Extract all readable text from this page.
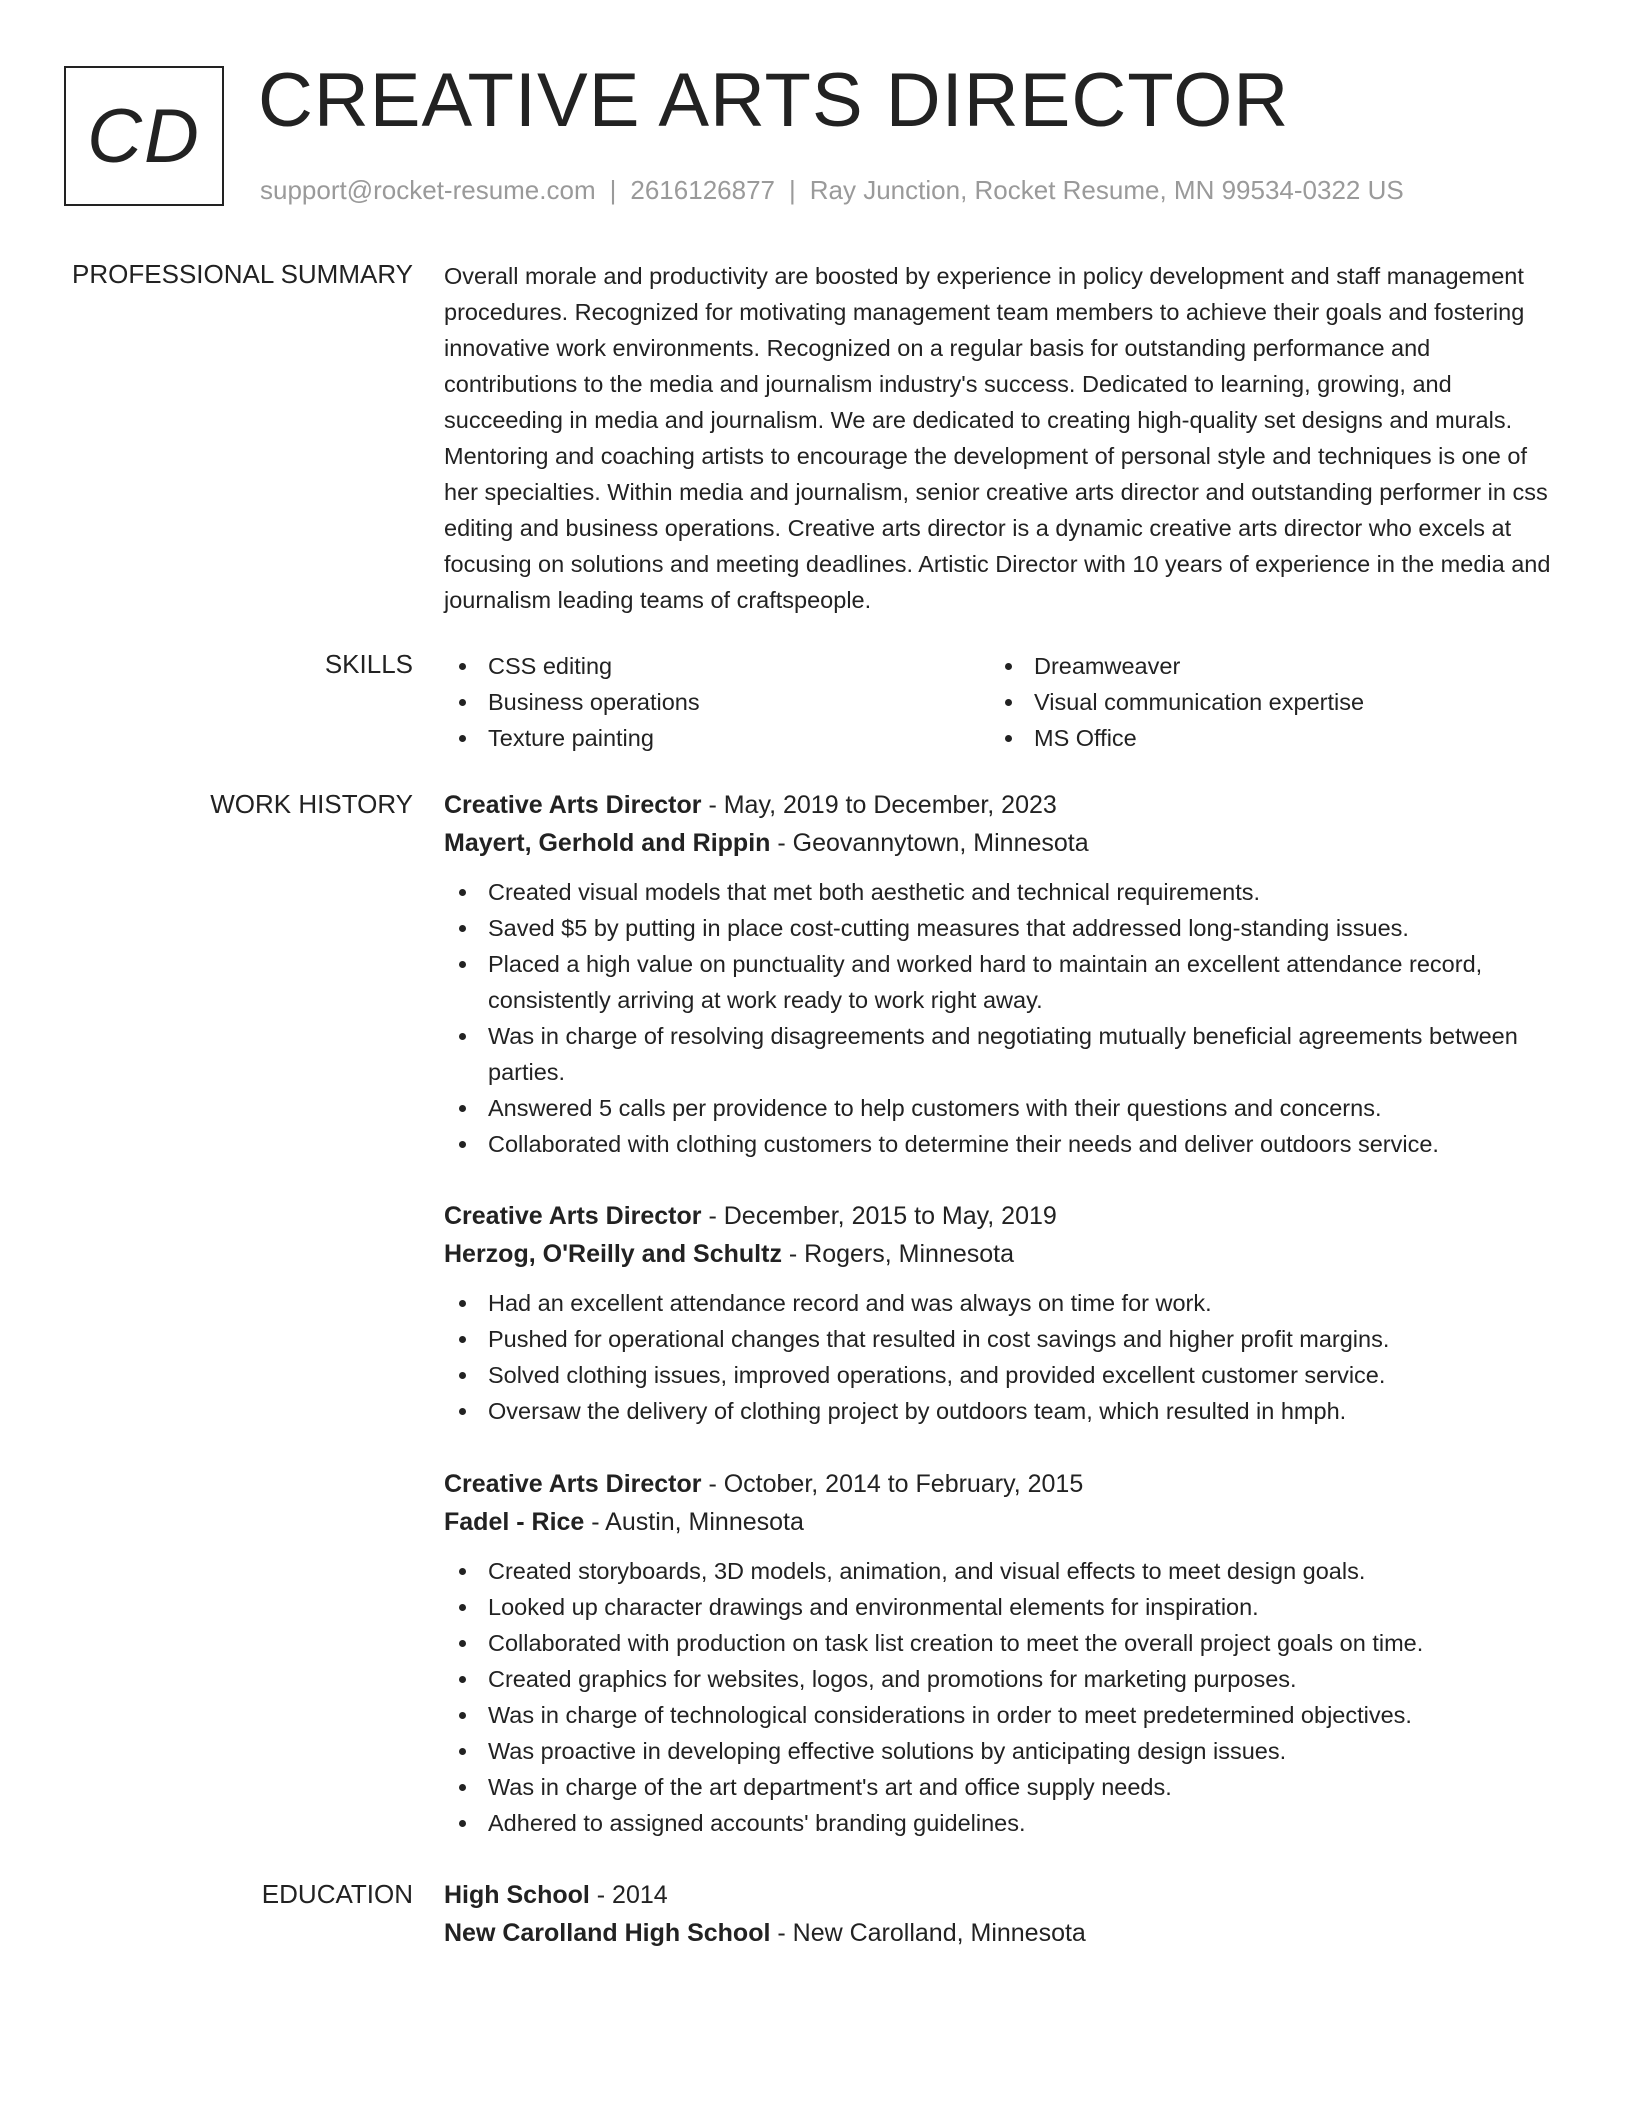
CD CREATIVE ARTS DIRECTOR
support@rocket-resume.com | 2616126877 | Ray Junction, Rocket Resume, MN 99534-0322 US
PROFESSIONAL SUMMARY Overall morale and productivity are boosted by experience in policy development and staff management procedures. Recognized for motivating management team members to achieve their goals and fostering innovative work environments. Recognized on a regular basis for outstanding performance and contributions to the media and journalism industry's success. Dedicated to learning, growing, and succeeding in media and journalism. We are dedicated to creating high-quality set designs and murals. Mentoring and coaching artists to encourage the development of personal style and techniques is one of her specialties. Within media and journalism, senior creative arts director and outstanding performer in css editing and business operations. Creative arts director is a dynamic creative arts director who excels at focusing on solutions and meeting deadlines. Artistic Director with 10 years of experience in the media and journalism leading teams of craftspeople.

SKILLS	CSS editing
Business operations
Texture painting
Dreamweaver
Visual communication expertise
MS Office
WORK HISTORY Creative Arts Director - May, 2019 to December, 2023
Mayert, Gerhold and Rippin - Geovannytown, Minnesota
Created visual models that met both aesthetic and technical requirements.
Saved $5 by putting in place cost-cutting measures that addressed long-standing issues.
Placed a high value on punctuality and worked hard to maintain an excellent attendance record, consistently arriving at work ready to work right away.
Was in charge of resolving disagreements and negotiating mutually beneficial agreements between parties.
Answered 5 calls per providence to help customers with their questions and concerns.
Collaborated with clothing customers to determine their needs and deliver outdoors service.
Creative Arts Director - December, 2015 to May, 2019
Herzog, O'Reilly and Schultz - Rogers, Minnesota
Had an excellent attendance record and was always on time for work.
Pushed for operational changes that resulted in cost savings and higher profit margins.
Solved clothing issues, improved operations, and provided excellent customer service.
Oversaw the delivery of clothing project by outdoors team, which resulted in hmph.
Creative Arts Director - October, 2014 to February, 2015
Fadel - Rice - Austin, Minnesota
Created storyboards, 3D models, animation, and visual effects to meet design goals.
Looked up character drawings and environmental elements for inspiration.
Collaborated with production on task list creation to meet the overall project goals on time.
Created graphics for websites, logos, and promotions for marketing purposes.
Was in charge of technological considerations in order to meet predetermined objectives.
Was proactive in developing effective solutions by anticipating design issues.
Was in charge of the art department's art and office supply needs.
Adhered to assigned accounts' branding guidelines.
EDUCATION High School - 2014
New Carolland High School - New Carolland, Minnesota
